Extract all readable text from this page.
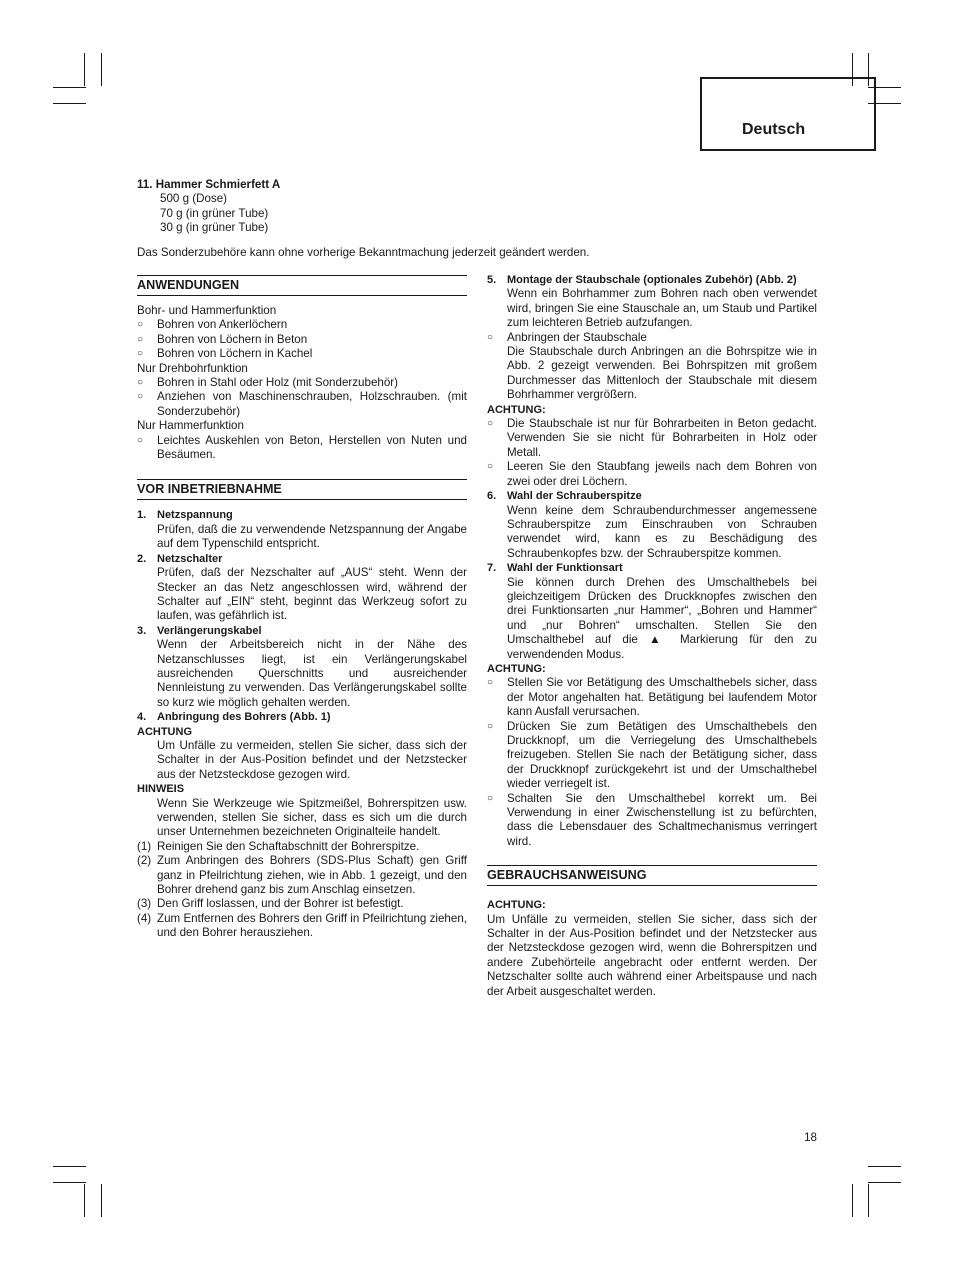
Deutsch

11. Hammer Schmierfett A

500 g (Dose)

70 g (in grüner Tube)

30 g (in grüner Tube)

Das Sonderzubehöre kann ohne vorherige Bekanntmachung jederzeit geändert werden.

ANWENDUNGEN

Bohr- und Hammerfunktion

○	Bohren von Ankerlöchern
○	Bohren von Löchern in Beton
○	Bohren von Löchern in Kachel

Nur Drehbohrfunktion

○	Bohren in Stahl oder Holz (mit Sonderzubehör)
○	Anziehen von Maschinenschrauben, Holzschrauben. (mit Sonderzubehör)

Nur Hammerfunktion

○	Leichtes Auskehlen von Beton, Herstellen von Nuten und Besäumen.
VOR INBETRIEBNAHME
1. Netzspannung

Prüfen, daß die zu verwendende Netzspannung der Angabe auf dem Typenschild entspricht.

2. Netzschalter

Prüfen, daß der Nezschalter auf „AUS“ steht. Wenn der Stecker an das Netz angeschlossen wird, während der Schalter auf „EIN“ steht, beginnt das Werkzeug sofort zu laufen, was gefährlich ist.

3. Verlängerungskabel

Wenn der Arbeitsbereich nicht in der Nähe des Netzanschlusses liegt, ist ein Verlängerungskabel ausreichenden Querschnitts und ausreichender Nennleistung zu verwenden. Das Verlängerungskabel sollte so kurz wie möglich gehalten werden.

4. Anbringung des Bohrers (Abb. 1)

ACHTUNG

Um Unfälle zu vermeiden, stellen Sie sicher, dass sich der Schalter in der Aus-Position befindet und der Netzstecker aus der Netzsteckdose gezogen wird.

HINWEIS

Wenn Sie Werkzeuge wie Spitzmeißel, Bohrerspitzen usw. verwenden, stellen Sie sicher, dass es sich um die durch unser Unternehmen bezeichneten Originalteile handelt.

(1) Reinigen Sie den Schaftabschnitt der Bohrerspitze.
(2) Zum Anbringen des Bohrers (SDS-Plus Schaft) gen Griff ganz in Pfeilrichtung ziehen, wie in Abb. 1 gezeigt, und den Bohrer drehend ganz bis zum Anschlag einsetzen.
(3) Den Griff loslassen, und der Bohrer ist befestigt.
(4) Zum Entfernen des Bohrers den Griff in Pfeilrichtung ziehen, und den Bohrer herausziehen.
5. Montage der Staubschale (optionales Zubehör) (Abb. 2)

Wenn ein Bohrhammer zum Bohren nach oben verwendet wird, bringen Sie eine Stauschale an, um Staub und Partikel zum leichteren Betrieb aufzufangen.

○	Anbringen der Staubschale

Die Staubschale durch Anbringen an die Bohrspitze wie in Abb. 2 gezeigt verwenden. Bei Bohrspitzen mit großem Durchmesser das Mittenloch der Staubschale mit diesem Bohrhammer vergrößern.

ACHTUNG:

○	Die Staubschale ist nur für Bohrarbeiten in Beton gedacht. Verwenden Sie sie nicht für Bohrarbeiten in Holz oder Metall.
○	Leeren Sie den Staubfang jeweils nach dem Bohren von zwei oder drei Löchern.
6. Wahl der Schrauberspitze

Wenn keine dem Schraubendurchmesser angemessene Schrauberspitze zum Einschrauben von Schrauben verwendet wird, kann es zu Beschädigung des Schraubenkopfes bzw. der Schrauberspitze kommen.

7. Wahl der Funktionsart

Sie können durch Drehen des Umschalthebels bei gleichzeitigem Drücken des Druckknopfes zwischen den drei Funktionsarten „nur Hammer“, „Bohren und Hammer“ und „nur Bohren“ umschalten. Stellen Sie den Umschalthebel auf die ▲ Markierung für den zu verwendenden Modus.

ACHTUNG:

○	Stellen Sie vor Betätigung des Umschalthebels sicher, dass der Motor angehalten hat. Betätigung bei laufendem Motor kann Ausfall verursachen.
○	Drücken Sie zum Betätigen des Umschalthebels den Druckknopf, um die Verriegelung des Umschalthebels freizugeben. Stellen Sie nach der Betätigung sicher, dass der Druckknopf zurückgekehrt ist und der Umschalthebel wieder verriegelt ist.
○	Schalten Sie den Umschalthebel korrekt um. Bei Verwendung in einer Zwischenstellung ist zu befürchten, dass die Lebensdauer des Schaltmechanismus verringert wird.
GEBRAUCHSANWEISUNG

ACHTUNG:

Um Unfälle zu vermeiden, stellen Sie sicher, dass sich der Schalter in der Aus-Position befindet und der Netzstecker aus der Netzsteckdose gezogen wird, wenn die Bohrerspitzen und andere Zubehörteile angebracht oder entfernt werden. Der Netzschalter sollte auch während einer Arbeitspause und nach der Arbeit ausgeschaltet werden.

18
